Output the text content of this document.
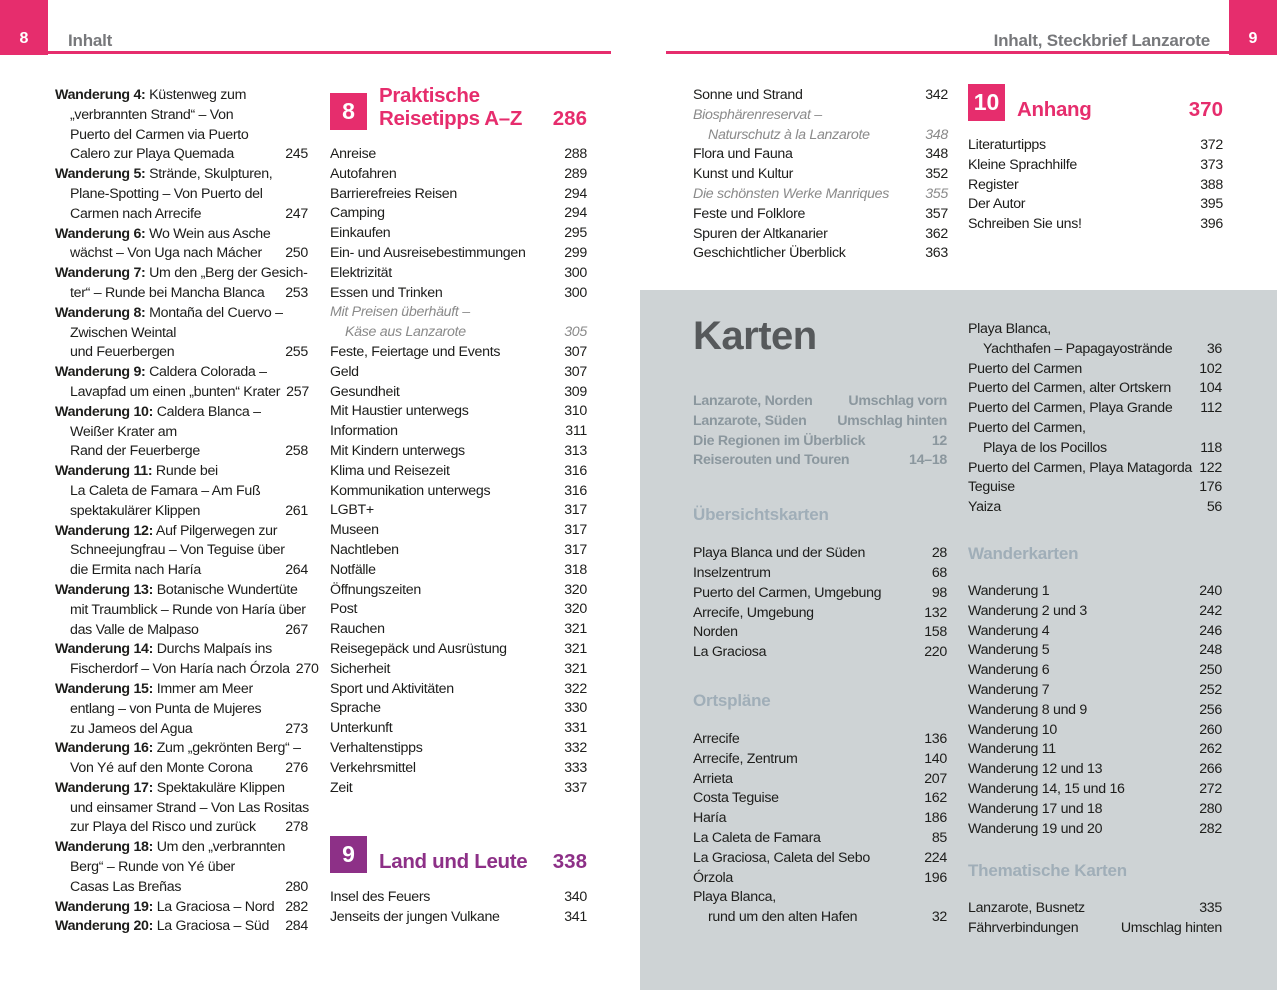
8 Inhalt	9
Inhalt, Steckbrief Lanzarote
Wanderung 4: Küstenweg zum
„verbrannten Strand“ – Von
Puerto del Carmen via Puerto
Calero zur Playa Quemada	245
Wanderung 5: Strände, Skulpturen,
Plane-Spotting – Von Puerto del
Carmen nach Arrecife	247
Wanderung 6: Wo Wein aus Asche
wächst – Von Uga nach Mácher	250
Wanderung 7: Um den „Berg der Gesich-
ter“ – Runde bei Mancha Blanca	253
Wanderung 8: Montaña del Cuervo –
Zwischen Weintal
und Feuerbergen	255
Wanderung 9: Caldera Colorada –
Lavapfad um einen „bunten“ Krater 257
Wanderung 10: Caldera Blanca –
Weißer Krater am
Rand der Feuerberge	258
Wanderung 11: Runde bei
La Caleta de Famara – Am Fuß
spektakulärer Klippen	261
Wanderung 12: Auf Pilgerwegen zur
Schneejungfrau – Von Teguise über
die Ermita nach Haría	264
Wanderung 13: Botanische Wundertüte
mit Traumblick – Runde von Haría über
das Valle de Malpaso	267
Wanderung 14: Durchs Malpaís ins
Fischerdorf – Von Haría nach Órzola 270
Wanderung 15: Immer am Meer
entlang – von Punta de Mujeres
zu Jameos del Agua	273
Wanderung 16: Zum „gekrönten Berg“ –
Von Yé auf den Monte Corona	276
Wanderung 17: Spektakuläre Klippen
und einsamer Strand – Von Las Rositas
zur Playa del Risco und zurück	278
Wanderung 18: Um den „verbrannten
Berg“ – Runde von Yé über
Casas Las Breñas	280
Wanderung 19: La Graciosa – Nord 282
Wanderung 20: La Graciosa – Süd	284
8
Praktische
Reisetipps A–Z 286
Anreise	288
Autofahren	289
Barrierefreies Reisen	294
Camping	294
Einkaufen	295
Ein- und Ausreisebestimmungen	299
Elektrizität	300
Essen und Trinken	300
Mit Preisen überhäuft –
Käse aus Lanzarote	305
Feste, Feiertage und Events	307
Geld	307
Gesundheit	309
Mit Haustier unterwegs	310
Information	311
Mit Kindern unterwegs	313
Klima und Reisezeit	316
Kommunikation unterwegs	316
LGBT+	317
Museen	317
Nachtleben	317
Notfälle	318
Öffnungszeiten	320
Post	320
Rauchen	321
Reisegepäck und Ausrüstung	321
Sicherheit	321
Sport und Aktivitäten	322
Sprache	330
Unterkunft	331
Verhaltenstipps	332
Verkehrsmittel	333
Zeit	337
9	Land und Leute 338
Insel des Feuers	340
Jenseits der jungen Vulkane	341
Sonne und Strand	342
Biosphärenreservat –
Naturschutz à la Lanzarote	348
Flora und Fauna	348
Kunst und Kultur	352
Die schönsten Werke Manriques	355
Feste und Folklore	357
Spuren der Altkanarier	362
Geschichtlicher Überblick	363
10 Anhang	370
Literaturtipps	372
Kleine Sprachhilfe	373
Register	388
Der Autor	395
Schreiben Sie uns!	396
Karten
Lanzarote, Norden	Umschlag vorn
Lanzarote, Süden	Umschlag hinten
Die Regionen im Überblick	12
Reiserouten und Touren	14–18
Übersichtskarten
Playa Blanca und der Süden	28
Inselzentrum	68
Puerto del Carmen, Umgebung	98
Arrecife, Umgebung	132
Norden	158
La Graciosa	220
Ortspläne
Arrecife	136
Arrecife, Zentrum	140
Arrieta	207
Costa Teguise	162
Haría	186
La Caleta de Famara	85
La Graciosa, Caleta del Sebo	224
Órzola	196
Playa Blanca,
rund um den alten Hafen	32
Playa Blanca,
Yachthafen – Papagayostrände	36
Puerto del Carmen	102
Puerto del Carmen, alter Ortskern	104
Puerto del Carmen, Playa Grande	112
Puerto del Carmen,
Playa de los Pocillos	118
Puerto del Carmen, Playa Matagorda 122
Teguise	176
Yaiza	56
Wanderkarten
Wanderung 1	240
Wanderung 2 und 3	242
Wanderung 4	246
Wanderung 5	248
Wanderung 6	250
Wanderung 7	252
Wanderung 8 und 9	256
Wanderung 10	260
Wanderung 11	262
Wanderung 12 und 13	266
Wanderung 14, 15 und 16	272
Wanderung 17 und 18	280
Wanderung 19 und 20	282
Thematische Karten
Lanzarote, Busnetz	335
Fährverbindungen	Umschlag hinten
